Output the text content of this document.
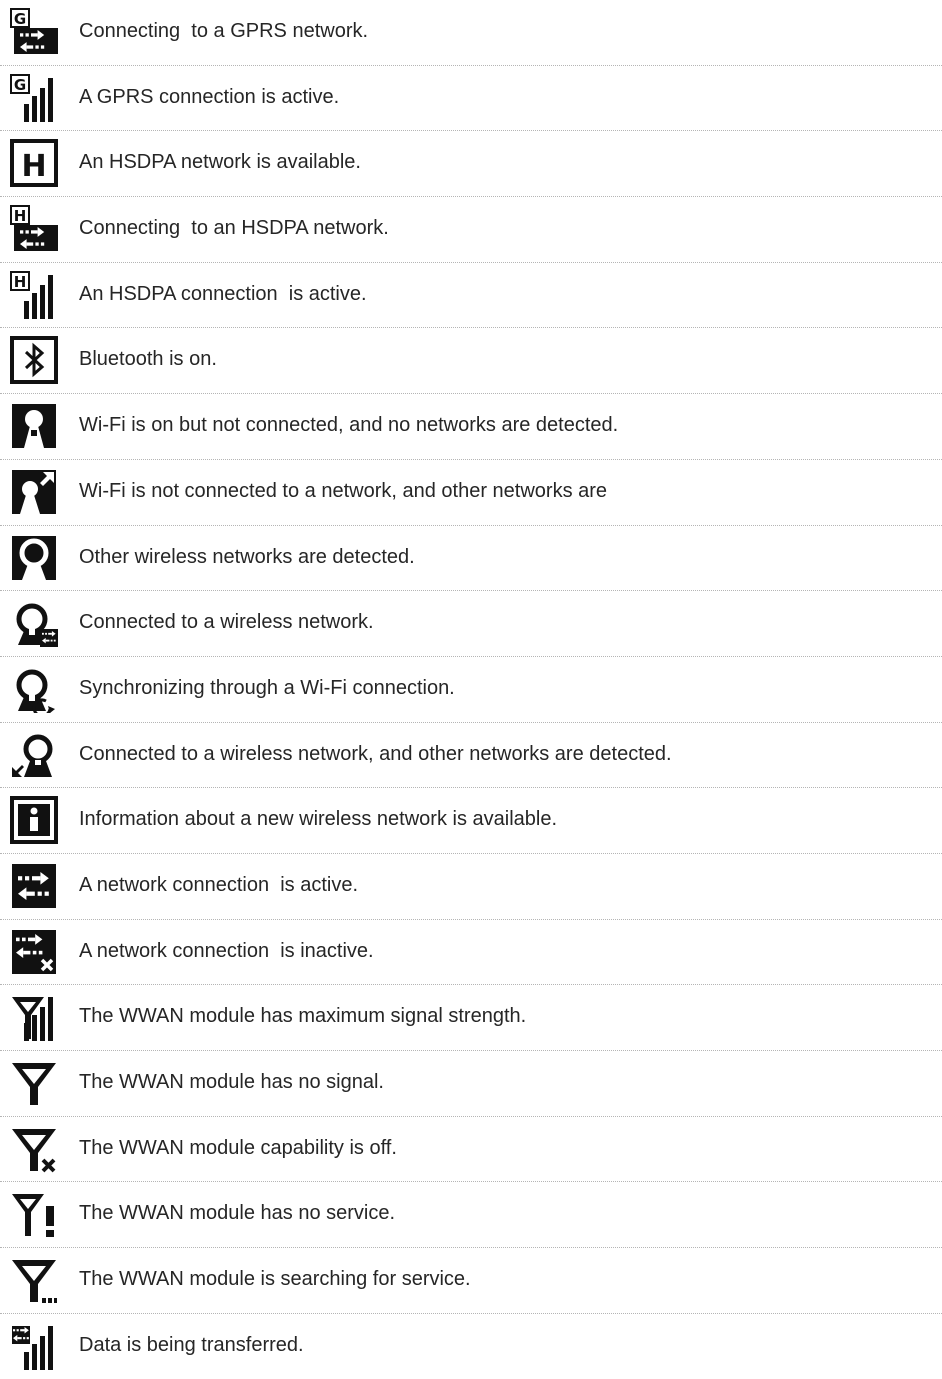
G
Connecting  to a GPRS network.
G
A GPRS connection is active.
H An HSDPA network is available.
H
Connecting  to an HSDPA network.
H
An HSDPA connection  is active.
Bluetooth is on.
Wi-Fi is on but not connected, and no networks are detected.
Wi-Fi is not connected to a network, and other networks are
Other wireless networks are detected.
Connected to a wireless network.
Synchronizing through a Wi-Fi connection.
Connected to a wireless network, and other networks are detected.
Information about a new wireless network is available.
A network connection  is active.
A network connection  is inactive.
The WWAN module has maximum signal strength.
The WWAN module has no signal.
The WWAN module capability is off.
The WWAN module has no service.
The WWAN module is searching for service.
Data is being transferred.
